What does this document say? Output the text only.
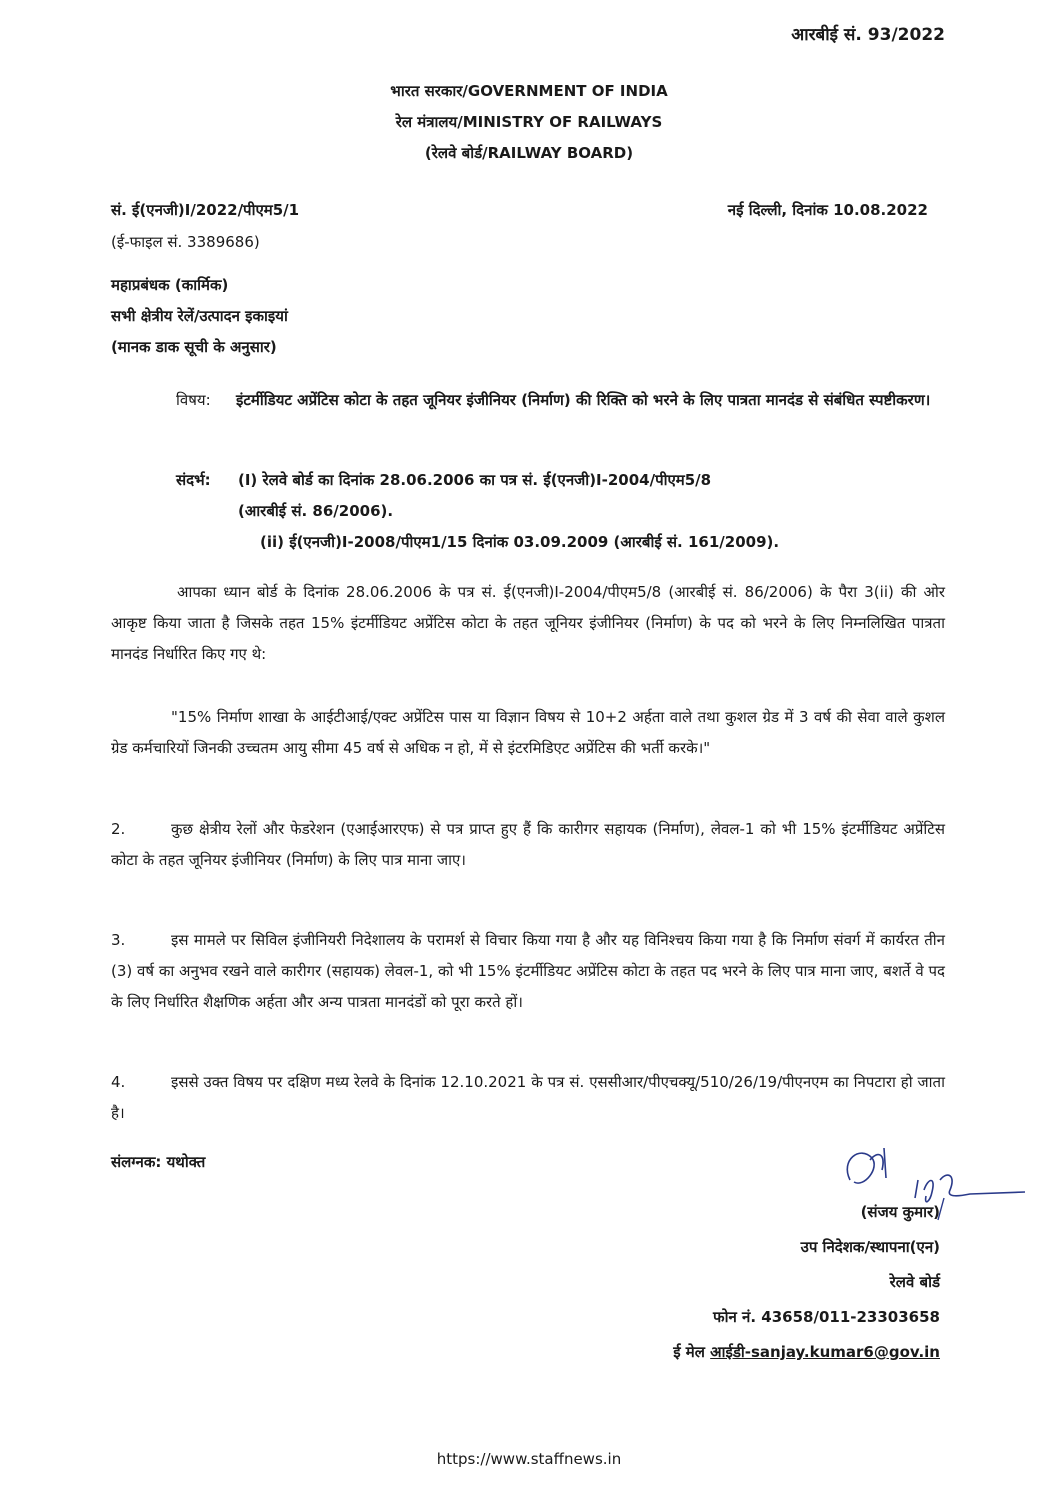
आरबीई सं. 93/2022
भारत सरकार/GOVERNMENT OF INDIA
रेल मंत्रालय/MINISTRY OF RAILWAYS
(रेलवे बोर्ड/RAILWAY BOARD)
सं. ई(एनजी)I/2022/पीएम5/1
(ई-फाइल सं. 3389686)
नई दिल्ली, दिनांक 10.08.2022
महाप्रबंधक (कार्मिक)
सभी क्षेत्रीय रेलें/उत्पादन इकाइयां
(मानक डाक सूची के अनुसार)
विषय: इंटर्मीडियट अप्रेंटिस कोटा के तहत जूनियर इंजीनियर (निर्माण) की रिक्ति को भरने के लिए पात्रता मानदंड से संबंधित स्पष्टीकरण।
संदर्भ: (I) रेलवे बोर्ड का दिनांक 28.06.2006 का पत्र सं. ई(एनजी)I-2004/पीएम5/8
(आरबीई सं. 86/2006).
(ii) ई(एनजी)I-2008/पीएम1/15 दिनांक 03.09.2009 (आरबीई सं. 161/2009).
आपका ध्यान बोर्ड के दिनांक 28.06.2006 के पत्र सं. ई(एनजी)I-2004/पीएम5/8 (आरबीई सं. 86/2006) के पैरा 3(ii) की ओर आकृष्ट किया जाता है जिसके तहत 15% इंटर्मीडियट अप्रेंटिस कोटा के तहत जूनियर इंजीनियर (निर्माण) के पद को भरने के लिए निम्नलिखित पात्रता मानदंड निर्धारित किए गए थे:
"15% निर्माण शाखा के आईटीआई/एक्ट अप्रेंटिस पास या विज्ञान विषय से 10+2 अर्हता वाले तथा कुशल ग्रेड में 3 वर्ष की सेवा वाले कुशल ग्रेड कर्मचारियों जिनकी उच्चतम आयु सीमा 45 वर्ष से अधिक न हो, में से इंटरमिडिएट अप्रेंटिस की भर्ती करके।"
2.	कुछ क्षेत्रीय रेलों और फेडरेशन (एआईआरएफ) से पत्र प्राप्त हुए हैं कि कारीगर सहायक (निर्माण), लेवल-1 को भी 15% इंटर्मीडियट अप्रेंटिस कोटा के तहत जूनियर इंजीनियर (निर्माण) के लिए पात्र माना जाए।
3.	इस मामले पर सिविल इंजीनियरी निदेशालय के परामर्श से विचार किया गया है और यह विनिश्चय किया गया है कि निर्माण संवर्ग में कार्यरत तीन (3) वर्ष का अनुभव रखने वाले कारीगर (सहायक) लेवल-1, को भी 15% इंटर्मीडियट अप्रेंटिस कोटा के तहत पद भरने के लिए पात्र माना जाए, बशर्ते वे पद के लिए निर्धारित शैक्षणिक अर्हता और अन्य पात्रता मानदंडों को पूरा करते हों।
4.	इससे उक्त विषय पर दक्षिण मध्य रेलवे के दिनांक 12.10.2021 के पत्र सं. एससीआर/पीएचक्यू/510/26/19/पीएनएम का निपटारा हो जाता है।
संलग्नक: यथोक्त
(संजय कुमार)
उप निदेशक/स्थापना(एन)
रेलवे बोर्ड
फोन नं. 43658/011-23303658
ई मेल आईडी-sanjay.kumar6@gov.in
https://www.staffnews.in
